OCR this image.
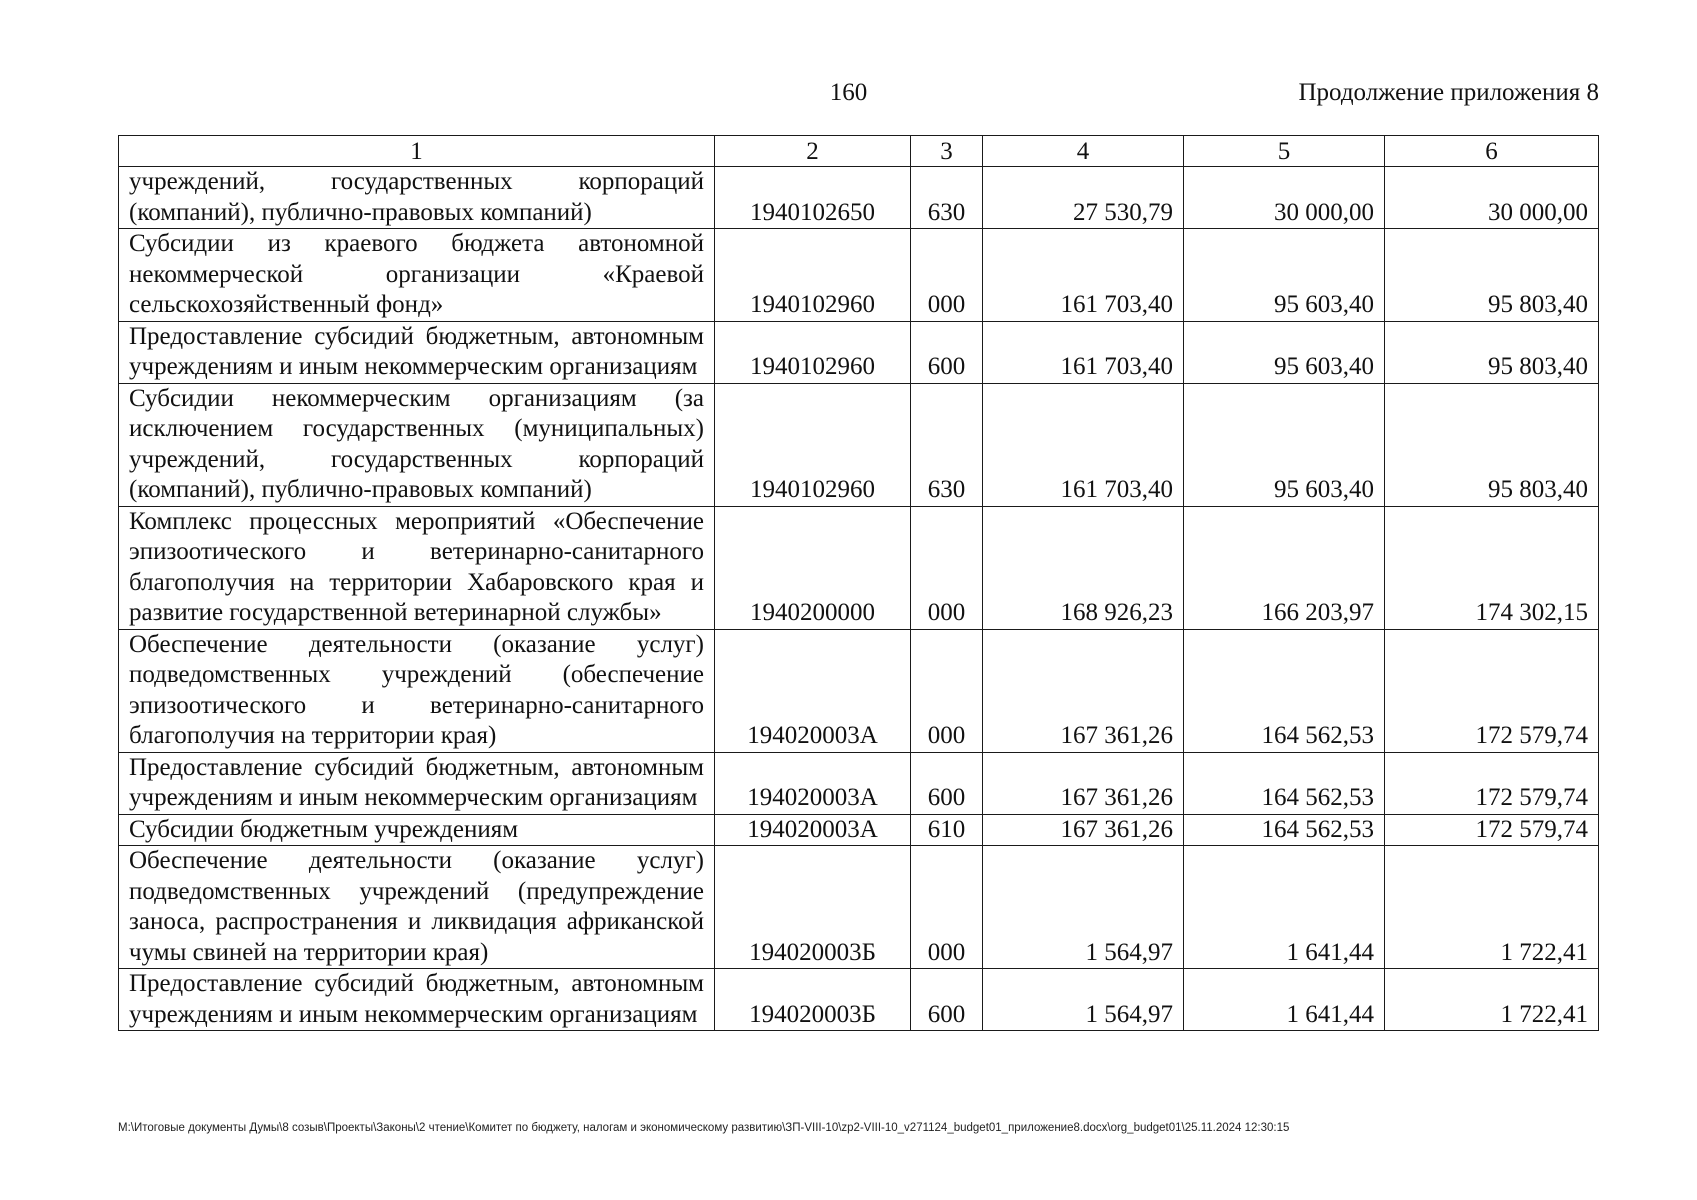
160	Продолжение приложения 8
1	2	3	4	5	6
учреждений, государственных корпораций (компаний), публично-правовых компаний)	1940102650	630	27 530,79	30 000,00	30 000,00
Субсидии из краевого бюджета автономной некоммерческой организации «Краевой сельскохозяйственный фонд»	1940102960	000	161 703,40	95 603,40	95 803,40
Предоставление субсидий бюджетным, автономным учреждениям и иным некоммерческим организациям	1940102960	600	161 703,40	95 603,40	95 803,40
Субсидии некоммерческим организациям (за исключением государственных (муниципальных) учреждений, государственных корпораций (компаний), публично-правовых компаний)	1940102960	630	161 703,40	95 603,40	95 803,40
Комплекс процессных мероприятий «Обеспечение эпизоотического и ветеринарно-санитарного благополучия на территории Хабаровского края и развитие государственной ветеринарной службы»	1940200000	000	168 926,23	166 203,97	174 302,15
Обеспечение деятельности (оказание услуг) подведомственных учреждений (обеспечение эпизоотического и ветеринарно-санитарного благополучия на территории края)	194020003А	000	167 361,26	164 562,53	172 579,74
Предоставление субсидий бюджетным, автономным учреждениям и иным некоммерческим организациям	194020003А	600	167 361,26	164 562,53	172 579,74
Субсидии бюджетным учреждениям	194020003А	610	167 361,26	164 562,53	172 579,74
Обеспечение деятельности (оказание услуг) подведомственных учреждений (предупреждение заноса, распространения и ликвидация африканской чумы свиней на территории края)	194020003Б	000	1 564,97	1 641,44	1 722,41
Предоставление субсидий бюджетным, автономным учреждениям и иным некоммерческим организациям	194020003Б	600	1 564,97	1 641,44	1 722,41
М:\Итоговые документы Думы\8 созыв\Проекты\Законы\2 чтение\Комитет по бюджету, налогам и экономическому развитию\ЗП-VIII-10\zp2-VIII-10_v271124_budget01_приложение8.docx\org_budget01\25.11.2024 12:30:15
